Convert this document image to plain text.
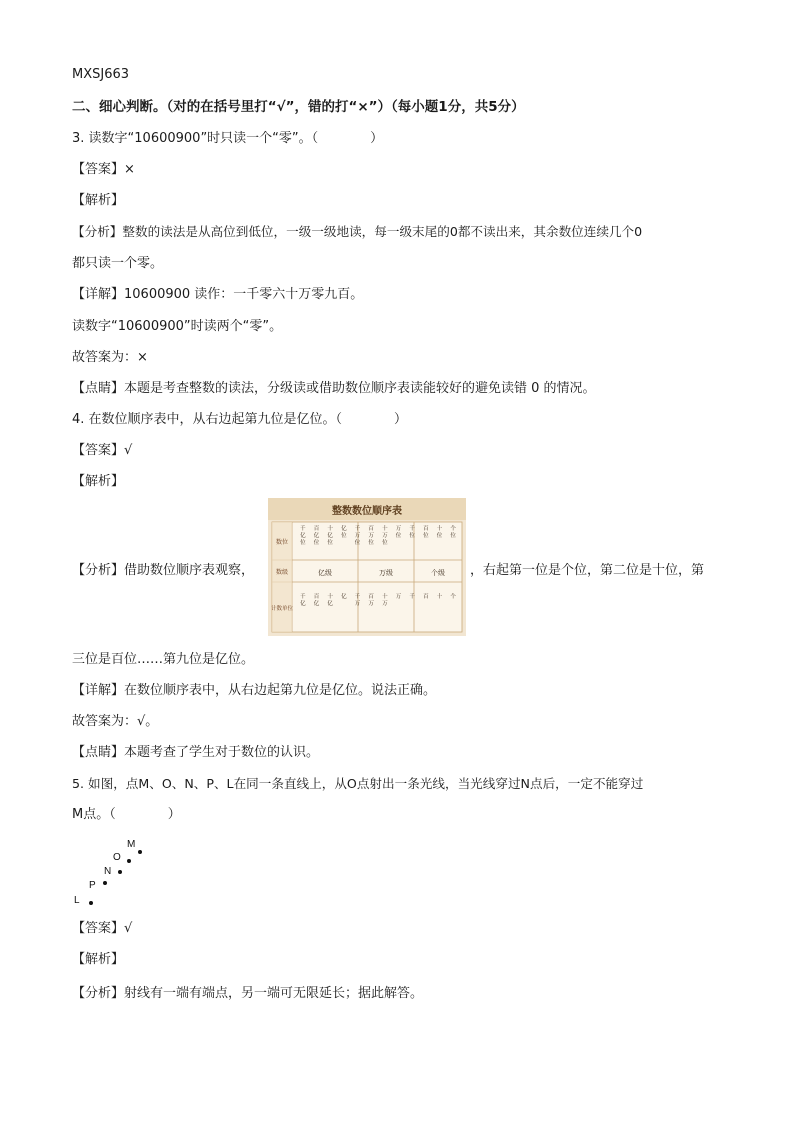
MXSJ663
二、细心判断。（对的在括号里打“√”，错的打“×”）（每小题1分，共5分）
3. 读数字“10600900”时只读一个“零”。（　　　　）
【答案】×
【解析】
【分析】整数的读法是从高位到低位，一级一级地读，每一级末尾的0都不读出来，其余数位连续几个0
都只读一个零。
【详解】10600900 读作：一千零六十万零九百。
读数字“10600900”时读两个“零”。
故答案为：×
【点睛】本题是考查整数的读法，分级读或借助数位顺序表读能较好的避免读错 0 的情况。
4. 在数位顺序表中，从右边起第九位是亿位。（　　　　）
【答案】√
【解析】
【分析】借助数位顺序表观察，
整数数位顺序表
数位
数级
计数单位
千亿位
百亿位
十亿位
亿位
千万位
百万位
十万位
万位
千位
百位
十位
个位
千亿
百亿
十亿
亿 千万
百万
十万
万 千 百 十 个
亿级	万级	个级 ，右起第一位是个位，第二位是十位，第
三位是百位……第九位是亿位。
【详解】在数位顺序表中，从右边起第九位是亿位。说法正确。
故答案为：√。
【点睛】本题考查了学生对于数位的认识。
5. 如图，点M、O、N、P、L在同一条直线上，从O点射出一条光线，当光线穿过N点后，一定不能穿过
M点。（　　　　）
M
O
N
P
L
【答案】√
【解析】
【分析】射线有一端有端点，另一端可无限延长；据此解答。
